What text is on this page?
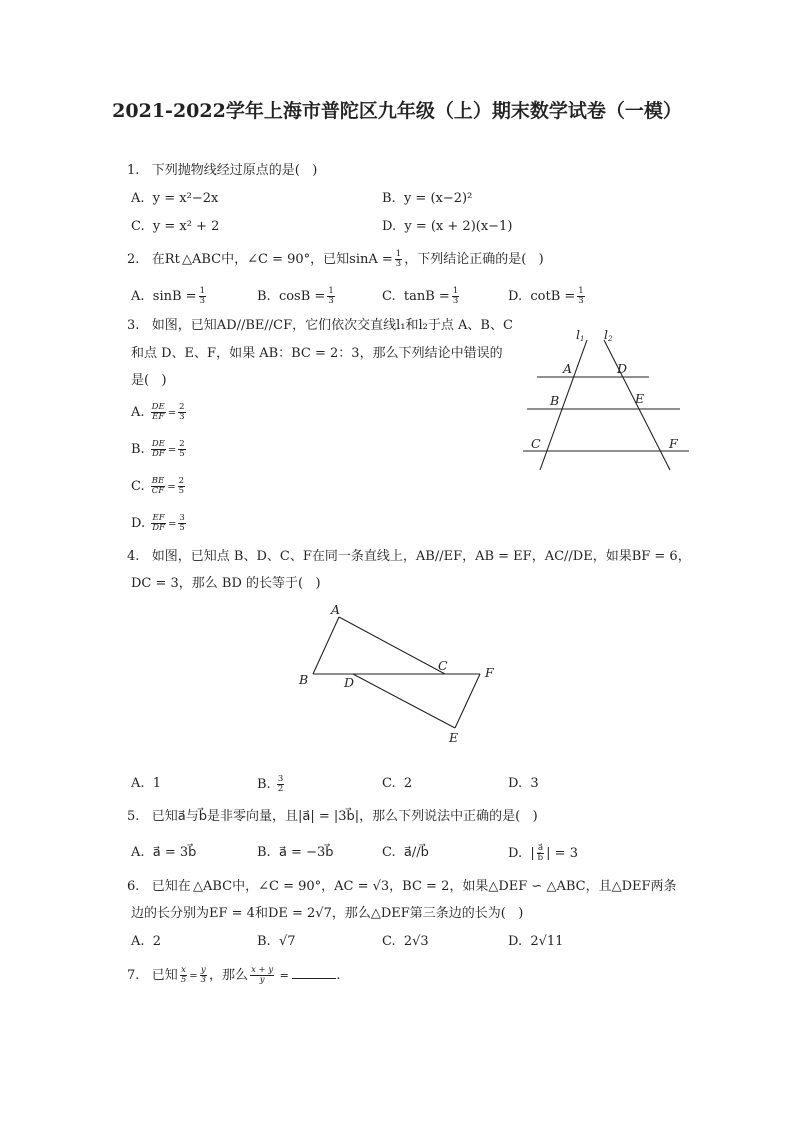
2021-2022学年上海市普陀区九年级（上）期末数学试卷（一模）
1.   下列抛物线经过原点的是(   )
A.  y = x²−2x	B.  y = (x−2)²
C.  y = x² + 2	D.  y = (x + 2)(x−1)
2.   在Rt △ABC中，∠C = 90°，已知$\sin A = \frac{1}{3}$ ，下列结论正确的是(   )
A.  $\sin B = \frac{1}{3}$	B.  $\cos B = \frac{1}{3}$	C.  $\tan B = \frac{1}{3}$	D.  $\cot B = \frac{1}{3}$
3.   如图，已知AD//BE//CF，它们依次交直线l₁和l₂于点 A、B、C
和点 D、E、F，如果 AB：BC = 2：3，那么下列结论中错误的
是(   )
A. $\frac{DE}{EF} = \frac{2}{3}$
B. $\frac{DE}{DF} = \frac{2}{5}$
C. $\frac{BE}{CF} = \frac{2}{5}$
D. $\frac{EF}{DF} = \frac{3}{5}$
l1 l2
A	D
B	E
C	F
4.   如图，已知点 B、D、C、F在同一条直线上，AB//EF，AB = EF，AC//DE，如果BF = 6，
DC = 3，那么 BD 的长等于(   )
A
B	D
C	F
E
A.  1	B. $\frac{3}{2}$	C.  2	D.  3
5.   已知a⃗与b⃗是非零向量，且|a⃗| = |3b⃗|，那么下列说法中正确的是(   )
A.  a⃗ = 3b⃗	B.  a⃗ = −3b⃗	C.  a⃗//b⃗	D.  | $\frac{a⃗}{b⃗}$ | = 3
6.   已知在 △ABC中，∠C = 90°，AC = √3，BC = 2，如果△DEF ∽ △ABC，且△DEF两条
边的长分别为EF = 4和DE = 2√7，那么△DEF第三条边的长为(   )
A.  2	B.  √7	C.  2√3	D.  2√11
7.   已知 $\frac{x}{5} = \frac{y}{3}$ ，那么 $\frac{x + y}{y}$ =	.
